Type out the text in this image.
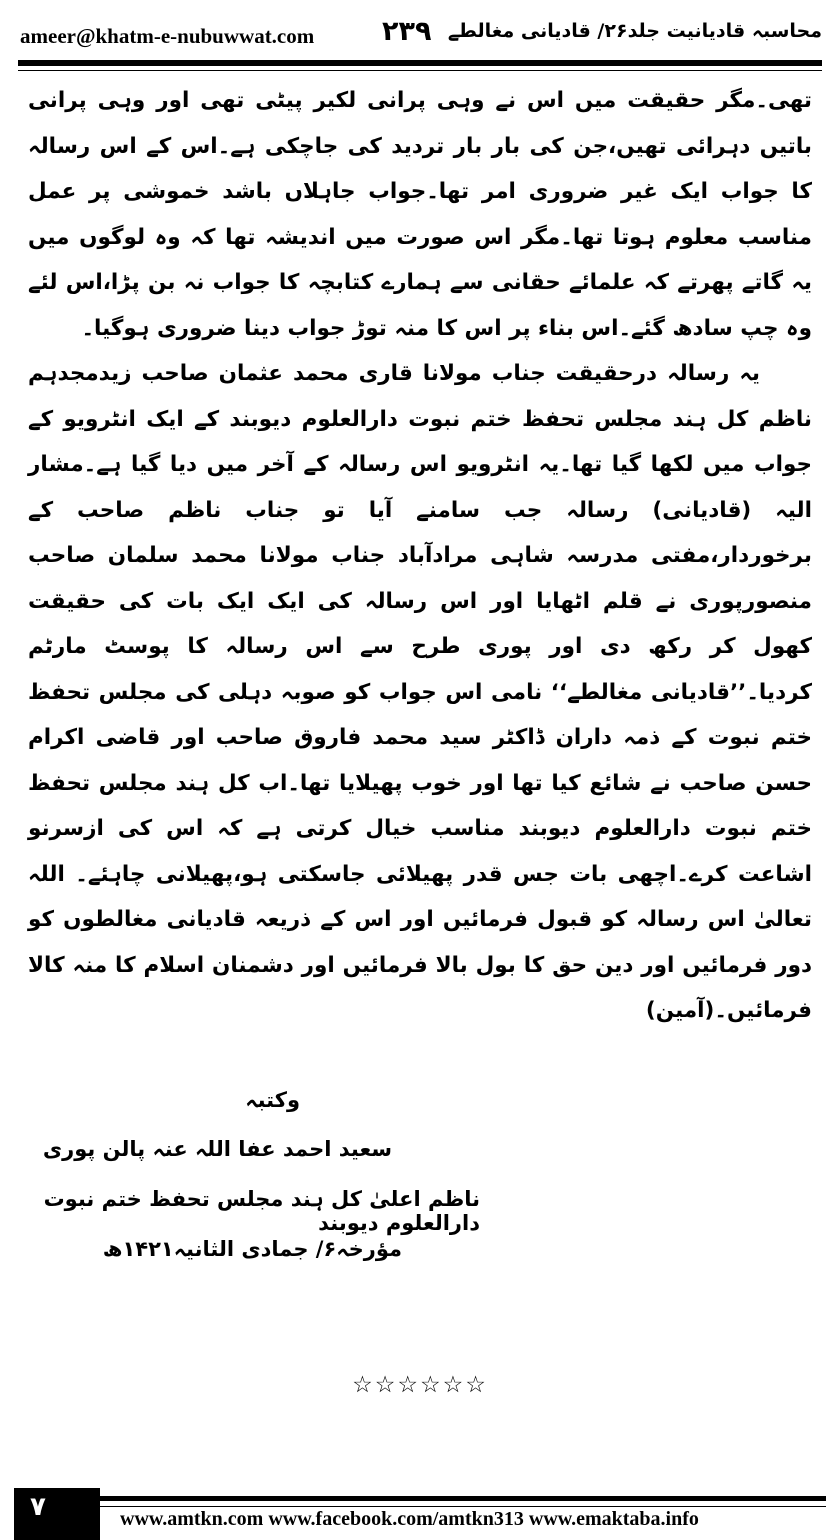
ameer@khatm-e-nubuwwat.com	۲۳۹ محاسبہ قادیانیت جلد۲۶/ قادیانی مغالطے

تھی۔مگر حقیقت میں اس نے وہی پرانی لکیر پیٹی تھی اور وہی پرانی باتیں دہرائی تھیں،جن کی بار بار تردید کی جاچکی ہے۔اس کے اس رسالہ کا جواب ایک غیر ضروری امر تھا۔جواب جاہلاں باشد خموشی پر عمل مناسب معلوم ہوتا تھا۔مگر اس صورت میں اندیشہ تھا کہ وہ لوگوں میں یہ گاتے پھرتے کہ علمائے حقانی سے ہمارے کتابچہ کا جواب نہ بن پڑا،اس لئے وہ چپ سادھ گئے۔اس بناء پر اس کا منہ توڑ جواب دینا ضروری ہوگیا۔

یہ رسالہ درحقیقت جناب مولانا قاری محمد عثمان صاحب زیدمجدہم ناظم کل ہند مجلس تحفظ ختم نبوت دارالعلوم دیوبند کے ایک انٹرویو کے جواب میں لکھا گیا تھا۔یہ انٹرویو اس رسالہ کے آخر میں دیا گیا ہے۔مشار الیہ (قادیانی) رسالہ جب سامنے آیا تو جناب ناظم صاحب کے برخوردار،مفتی مدرسہ شاہی مرادآباد جناب مولانا محمد سلمان صاحب منصورپوری نے قلم اٹھایا اور اس رسالہ کی ایک ایک بات کی حقیقت کھول کر رکھ دی اور پوری طرح سے اس رسالہ کا پوسٹ مارٹم کردیا۔’’قادیانی مغالطے‘‘ نامی اس جواب کو صوبہ دہلی کی مجلس تحفظ ختم نبوت کے ذمہ داران ڈاکٹر سید محمد فاروق صاحب اور قاضی اکرام حسن صاحب نے شائع کیا تھا اور خوب پھیلایا تھا۔اب کل ہند مجلس تحفظ ختم نبوت دارالعلوم دیوبند مناسب خیال کرتی ہے کہ اس کی ازسرنو اشاعت کرے۔اچھی بات جس قدر پھیلائی جاسکتی ہو،پھیلانی چاہئے۔ اللہ تعالیٰ اس رسالہ کو قبول فرمائیں اور اس کے ذریعہ قادیانی مغالطوں کو دور فرمائیں اور دین حق کا بول بالا فرمائیں اور دشمنان اسلام کا منہ کالا فرمائیں۔(آمین)

وکتبہ
سعید احمد عفا اللہ عنہ پالن پوری
ناظم اعلیٰ کل ہند مجلس تحفظ ختم نبوت دارالعلوم دیوبند
مؤرخہ۶/ جمادی الثانیہ۱۴۲۱ھ
☆☆☆☆☆☆
۷	www.amtkn.com www.facebook.com/amtkn313 www.emaktaba.info
